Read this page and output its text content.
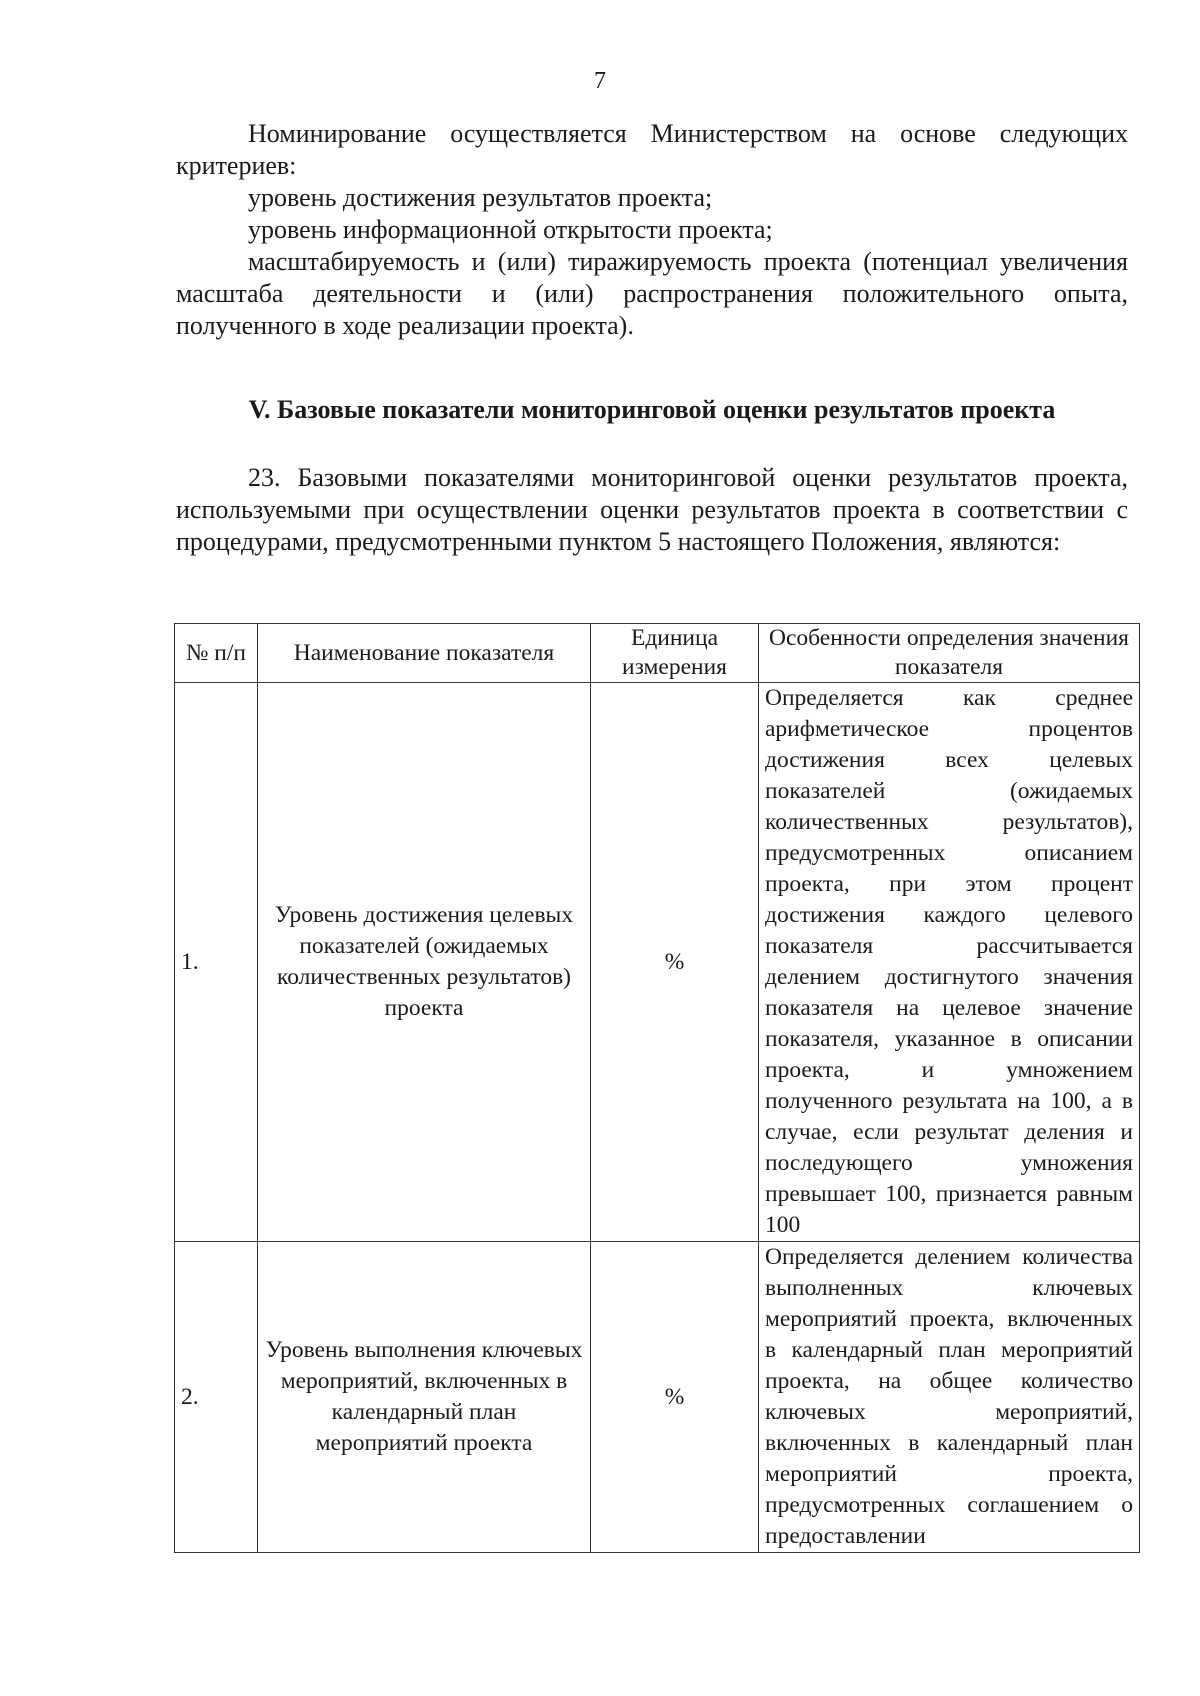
7

Номинирование осуществляется Министерством на основе следующих критериев:

уровень достижения результатов проекта;

уровень информационной открытости проекта;

масштабируемость и (или) тиражируемость проекта (потенциал увеличения масштаба деятельности и (или) распространения положительного опыта, полученного в ходе реализации проекта).

V. Базовые показатели мониторинговой оценки результатов проекта

23. Базовыми показателями мониторинговой оценки результатов проекта, используемыми при осуществлении оценки результатов проекта в соответствии с процедурами, предусмотренными пунктом 5 настоящего Положения, являются:

№ п/п	Наименование показателя	Единица измерения	Особенности определения значения показателя
1.	Уровень достижения целевых показателей (ожидаемых количественных результатов) проекта	%	Определяется как среднее арифметическое процентов достижения всех целевых показателей (ожидаемых количественных результатов), предусмотренных описанием проекта, при этом процент достижения каждого целевого показателя рассчитывается делением достигнутого значения показателя на целевое значение показателя, указанное в описании проекта, и умножением полученного результата на 100, а в случае, если результат деления и последующего умножения превышает 100, признается равным 100
2.	Уровень выполнения ключевых мероприятий, включенных в календарный план мероприятий проекта	%	Определяется делением количества выполненных ключевых мероприятий проекта, включенных в календарный план мероприятий проекта, на общее количество ключевых мероприятий, включенных в календарный план мероприятий проекта, предусмотренных соглашением о предоставлении
